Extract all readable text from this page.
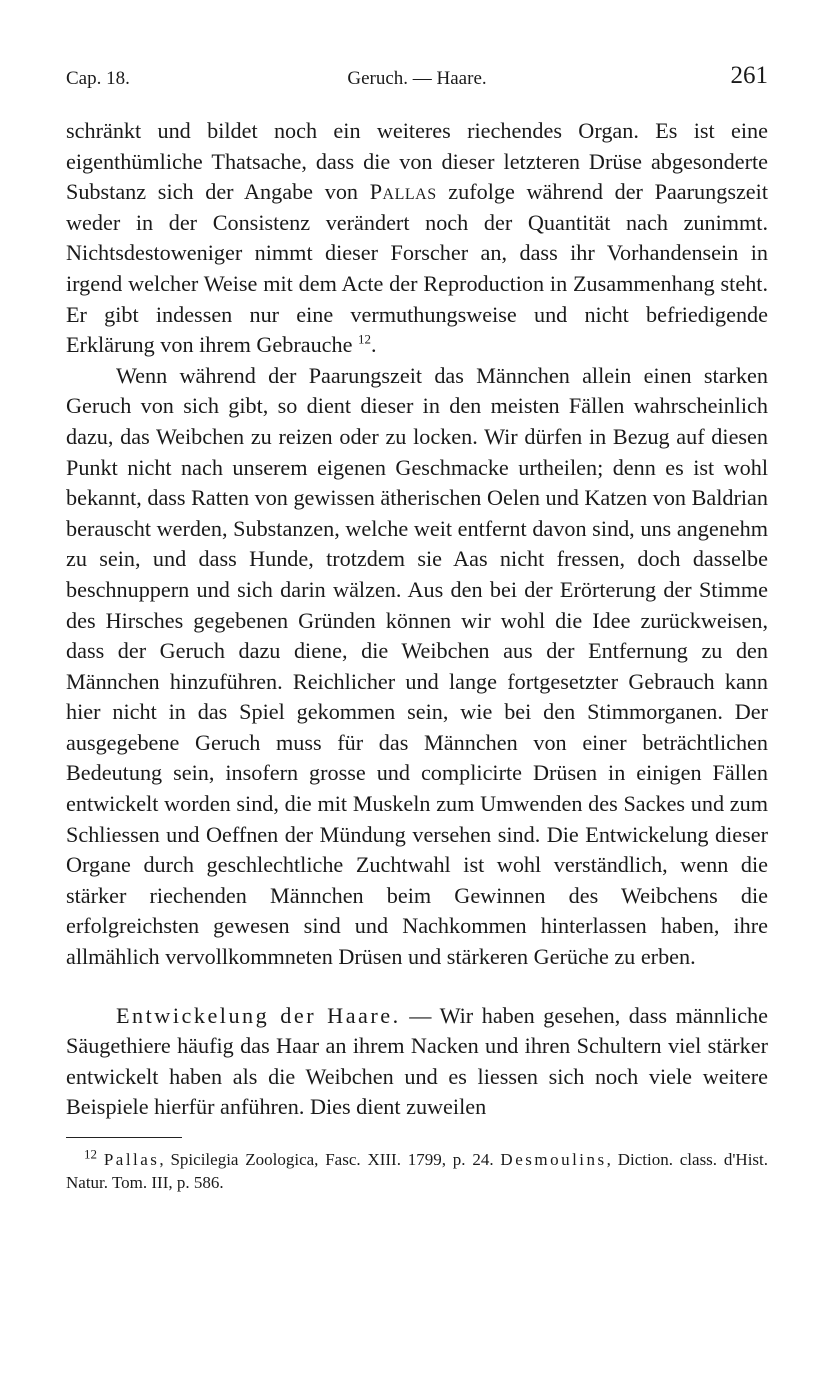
Cap. 18.	Geruch. — Haare.	261

schränkt und bildet noch ein weiteres riechendes Organ. Es ist eine eigenthümliche Thatsache, dass die von dieser letzteren Drüse abgesonderte Substanz sich der Angabe von Pallas zufolge während der Paarungszeit weder in der Consistenz verändert noch der Quantität nach zunimmt. Nichtsdestoweniger nimmt dieser Forscher an, dass ihr Vorhandensein in irgend welcher Weise mit dem Acte der Reproduction in Zusammenhang steht. Er gibt indessen nur eine vermuthungsweise und nicht befriedigende Erklärung von ihrem Gebrauche $^{12}$.

Wenn während der Paarungszeit das Männchen allein einen starken Geruch von sich gibt, so dient dieser in den meisten Fällen wahrscheinlich dazu, das Weibchen zu reizen oder zu locken. Wir dürfen in Bezug auf diesen Punkt nicht nach unserem eigenen Geschmacke urtheilen; denn es ist wohl bekannt, dass Ratten von gewissen ätherischen Oelen und Katzen von Baldrian berauscht werden, Substanzen, welche weit entfernt davon sind, uns angenehm zu sein, und dass Hunde, trotzdem sie Aas nicht fressen, doch dasselbe beschnuppern und sich darin wälzen. Aus den bei der Erörterung der Stimme des Hirsches gegebenen Gründen können wir wohl die Idee zurückweisen, dass der Geruch dazu diene, die Weibchen aus der Entfernung zu den Männchen hinzuführen. Reichlicher und lange fortgesetzter Gebrauch kann hier nicht in das Spiel gekommen sein, wie bei den Stimmorganen. Der ausgegebene Geruch muss für das Männchen von einer beträchtlichen Bedeutung sein, insofern grosse und complicirte Drüsen in einigen Fällen entwickelt worden sind, die mit Muskeln zum Umwenden des Sackes und zum Schliessen und Oeffnen der Mündung versehen sind. Die Entwickelung dieser Organe durch geschlechtliche Zuchtwahl ist wohl verständlich, wenn die stärker riechenden Männchen beim Gewinnen des Weibchens die erfolgreichsten gewesen sind und Nachkommen hinterlassen haben, ihre allmählich vervollkommneten Drüsen und stärkeren Gerüche zu erben.

Entwickelung der Haare. — Wir haben gesehen, dass männliche Säugethiere häufig das Haar an ihrem Nacken und ihren Schultern viel stärker entwickelt haben als die Weibchen und es liessen sich noch viele weitere Beispiele hierfür anführen. Dies dient zuweilen

$^{12}$ Pallas, Spicilegia Zoologica, Fasc. XIII. 1799, p. 24. Desmoulins, Diction. class. d'Hist. Natur. Tom. III, p. 586.
